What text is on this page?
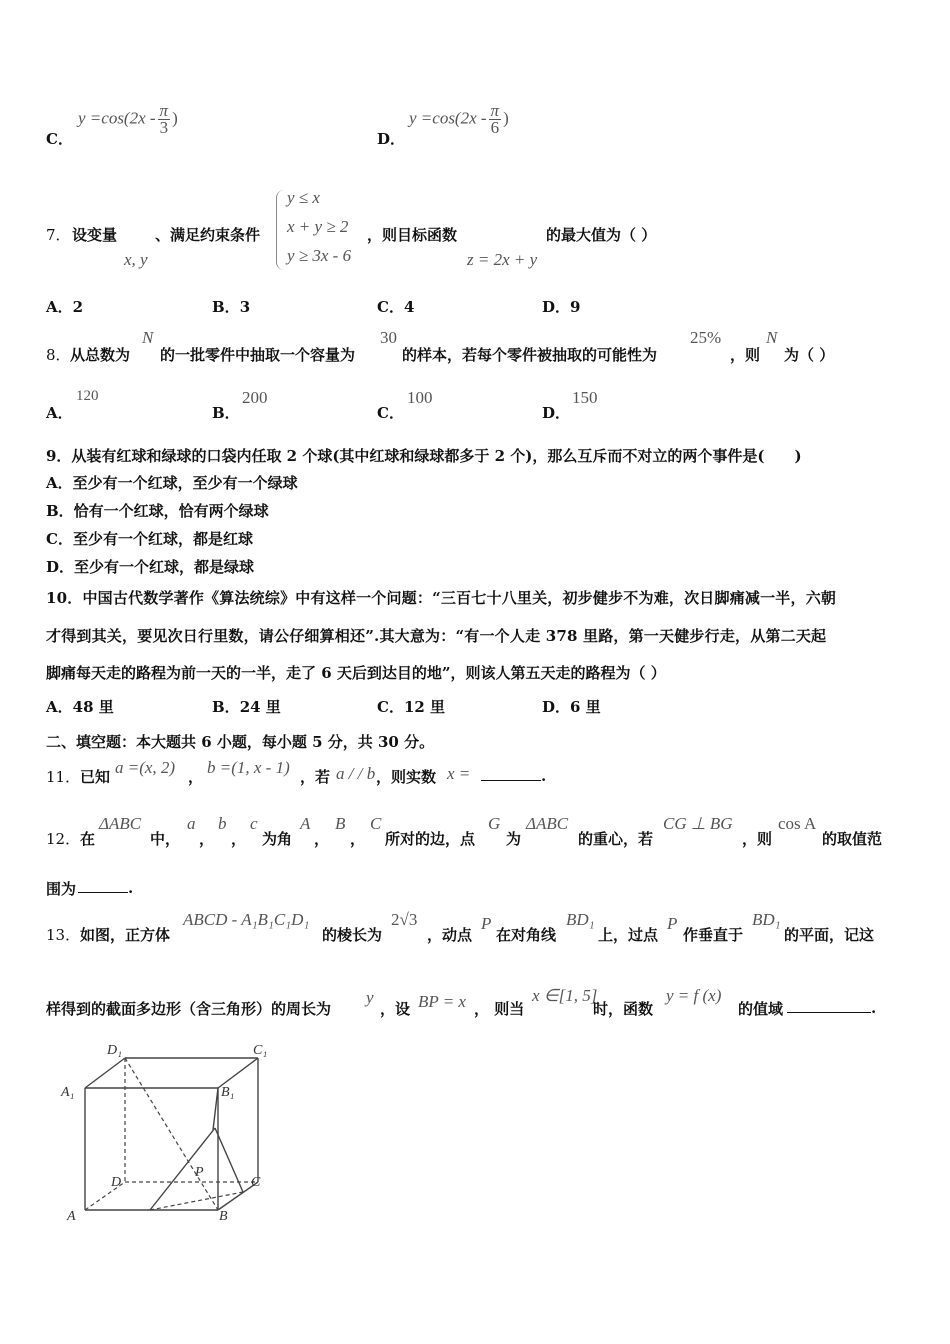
C．
$y =\cos(2x - \frac{\pi}{3}$ )
D．
$y =\cos(2x - \frac{\pi}{6}$ )
7． 设变量
x, y
、满足约束条件
y ≤ x
x + y ≥ 2
y ≥ 3x - 6
，则目标函数
z = 2x + y
的最大值为（ ）
A．2	B．3	C．4	D．9
8． 从总数为
N
的一批零件中抽取一个容量为
30
的样本，若每个零件被抽取的可能性为
25%
，则
N
为（ ）
A．
120
B．
200
C．
100
D．
150
9．从装有红球和绿球的口袋内任取 2 个球(其中红球和绿球都多于 2 个)，那么互斥而不对立的两个事件是(　　)
A．至少有一个红球，至少有一个绿球
B．恰有一个红球，恰有两个绿球
C．至少有一个红球，都是红球
D．至少有一个红球，都是绿球
10．中国古代数学著作《算法统综》中有这样一个问题：“三百七十八里关，初步健步不为难，次日脚痛减一半，六朝
才得到其关，要见次日行里数，请公仔细算相还”.其大意为：“有一个人走 378 里路，第一天健步行走，从第二天起
脚痛每天走的路程为前一天的一半，走了 6 天后到达目的地”，则该人第五天走的路程为（ ）
A．48 里	B．24 里	C．12 里	D．6 里
二、填空题：本大题共 6 小题，每小题 5 分，共 30 分。
11． 已知 a =(x, 2) ， b =(1, x - 1) ，若 a / / b ，则实数 x =	.
12． 在
ΔABC
中，
a
，
b
，
c
为角
A
，
B
，
C
所对的边，点
G
为
ΔABC
的重心，若
CG ⊥ BG
，则
cos A
的取值范
围为	.
13． 如图，正方体
ABCD - A₁B₁C₁D₁
的棱长为
2√3
，动点
P
在对角线
BD₁
上，过点
P
作垂直于
BD₁
的平面，记这
样得到的截面多边形（含三角形）的周长为
y
，设 BP = x ， 则当
x ∈[1, 5]
时，函数
y = f (x)
的值域	.
D₁	C₁
A₁	B₁
D	C
A	B
P
